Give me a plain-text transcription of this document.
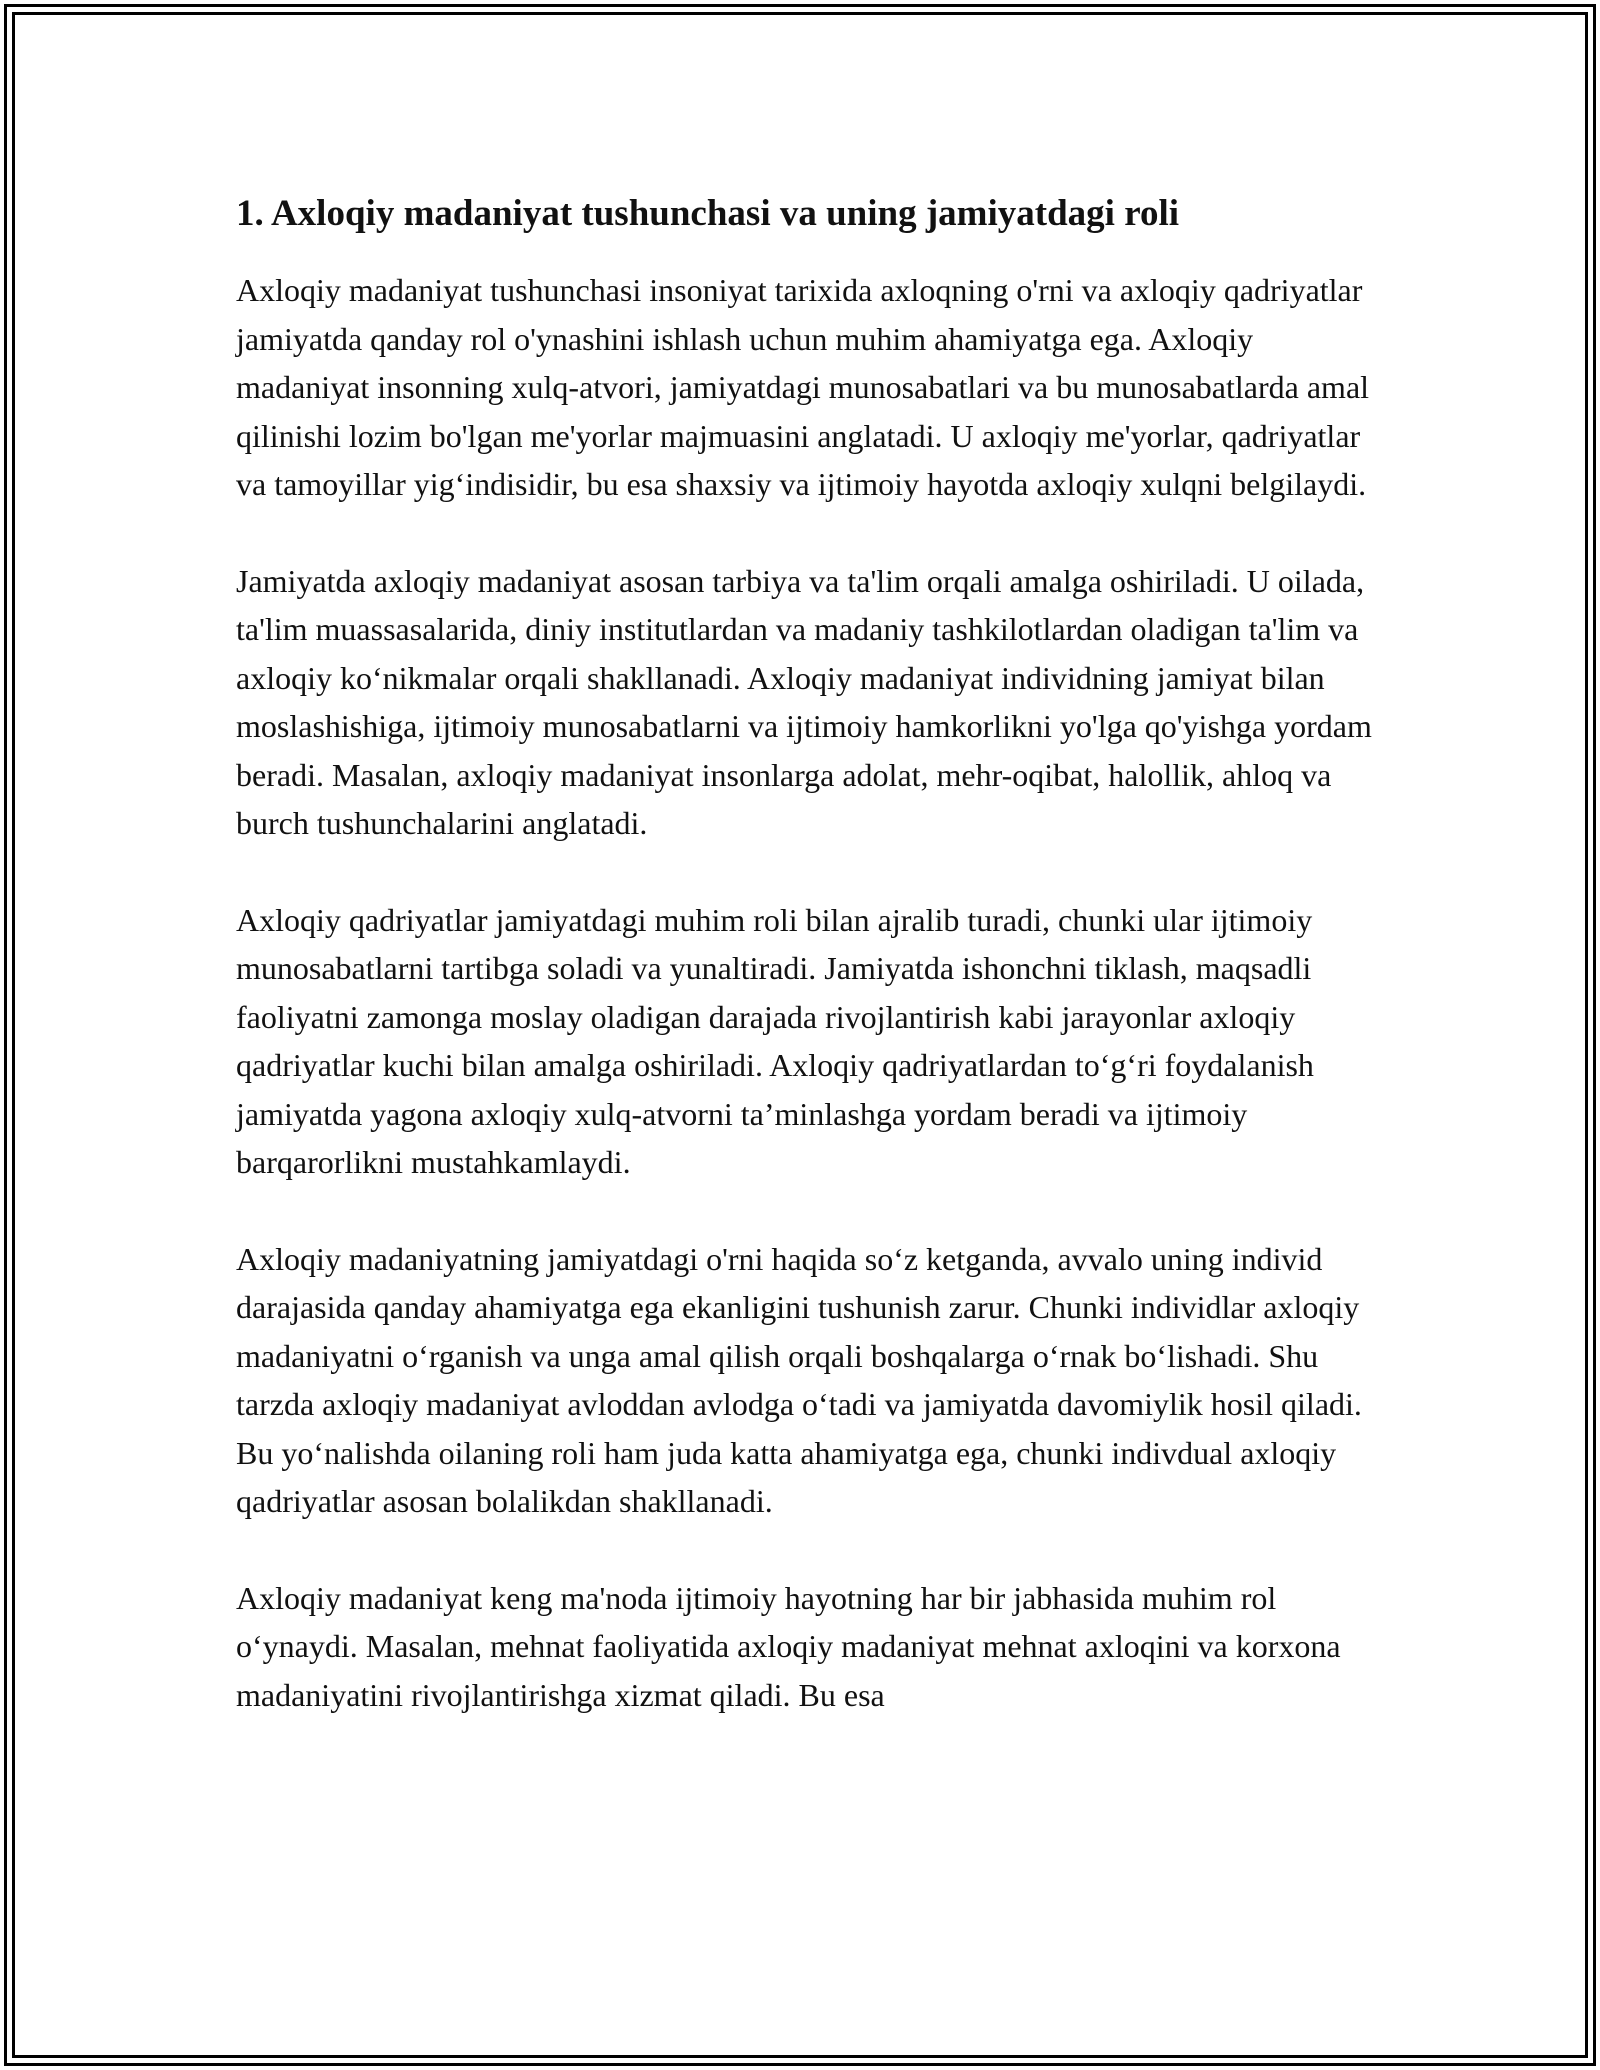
1. Axloqiy madaniyat tushunchasi va uning jamiyatdagi roli

Axloqiy madaniyat tushunchasi insoniyat tarixida axloqning o'rni va axloqiy qadriyatlar jamiyatda qanday rol o'ynashini ishlash uchun muhim ahamiyatga ega. Axloqiy madaniyat insonning xulq-atvori, jamiyatdagi munosabatlari va bu munosabatlarda amal qilinishi lozim bo'lgan me'yorlar majmuasini anglatadi. U axloqiy me'yorlar, qadriyatlar va tamoyillar yig‘indisidir, bu esa shaxsiy va ijtimoiy hayotda axloqiy xulqni belgilaydi.

Jamiyatda axloqiy madaniyat asosan tarbiya va ta'lim orqali amalga oshiriladi. U oilada, ta'lim muassasalarida, diniy institutlardan va madaniy tashkilotlardan oladigan ta'lim va axloqiy ko‘nikmalar orqali shakllanadi. Axloqiy madaniyat individning jamiyat bilan moslashishiga, ijtimoiy munosabatlarni va ijtimoiy hamkorlikni yo'lga qo'yishga yordam beradi. Masalan, axloqiy madaniyat insonlarga adolat, mehr-oqibat, halollik, ahloq va burch tushunchalarini anglatadi.

Axloqiy qadriyatlar jamiyatdagi muhim roli bilan ajralib turadi, chunki ular ijtimoiy munosabatlarni tartibga soladi va yunaltiradi. Jamiyatda ishonchni tiklash, maqsadli faoliyatni zamonga moslay oladigan darajada rivojlantirish kabi jarayonlar axloqiy qadriyatlar kuchi bilan amalga oshiriladi. Axloqiy qadriyatlardan to‘g‘ri foydalanish jamiyatda yagona axloqiy xulq-atvorni ta’minlashga yordam beradi va ijtimoiy barqarorlikni mustahkamlaydi.

Axloqiy madaniyatning jamiyatdagi o'rni haqida so‘z ketganda, avvalo uning individ darajasida qanday ahamiyatga ega ekanligini tushunish zarur. Chunki individlar axloqiy madaniyatni o‘rganish va unga amal qilish orqali boshqalarga o‘rnak bo‘lishadi. Shu tarzda axloqiy madaniyat avloddan avlodga o‘tadi va jamiyatda davomiylik hosil qiladi. Bu yo‘nalishda oilaning roli ham juda katta ahamiyatga ega, chunki indivdual axloqiy qadriyatlar asosan bolalikdan shakllanadi.

Axloqiy madaniyat keng ma'noda ijtimoiy hayotning har bir jabhasida muhim rol o‘ynaydi. Masalan, mehnat faoliyatida axloqiy madaniyat mehnat axloqini va korxona madaniyatini rivojlantirishga xizmat qiladi. Bu esa
